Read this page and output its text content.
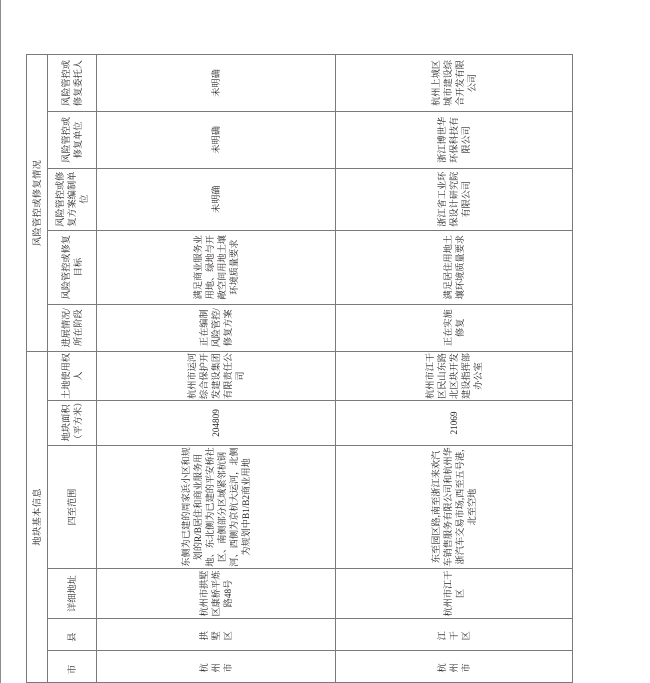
地块基本信息						风险管控或修复情况				
市	县	详细地址	四至范围	地块面积（平方米）	土地使用权人	进展情况/所在阶段	风险管控或修复目标	风险管控或修复方案编制单位	风险管控或修复单位	风险管控或修复委托人
杭 州 市	拱 墅 区	杭州市拱墅区康桥平炼路48号	东侧为已建的周家浜小区和规划的R/B居住和商业服务用地、东北侧为已建的平安桥社区、南侧部分区域紧邻杭钢河、西侧为京杭大运河，北侧为规划中B1/B2商业用地	204809	杭州市运河综合保护开发建设集团有限责任公司	正在编制风险管控/修复方案	满足商业服务业用地、绿地与开敞空间用地土壤环境质量要求	未明确	未明确	未明确
杭 州 市	江 干 区	杭州市江干区	东至园区路,南至浙江来欢汽车销售服务有限公司和杭州华浙汽车交易市场,西至五号港,北至空地	21069	杭州市江干区民山东路北区块开发建设指挥部办公室	正在实施修复	满足居住用地土壤环境质量要求	浙江省工业环保设计研究院有限公司	浙江博世华环保科技有限公司	杭州上城区城市建设综合开发有限公司
